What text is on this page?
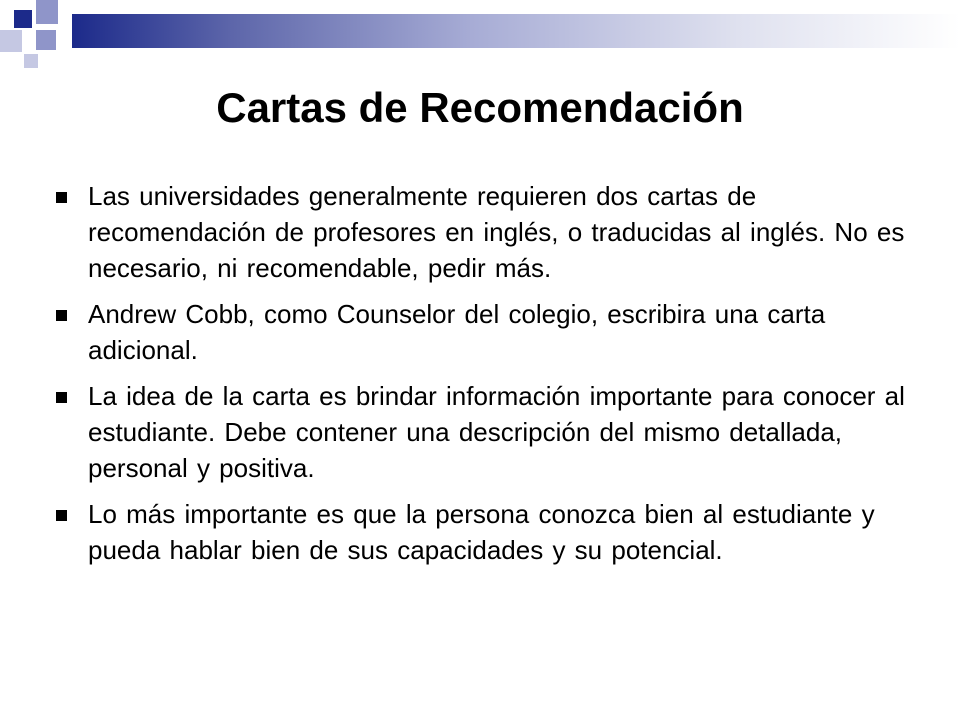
Cartas de Recomendación
Las universidades generalmente requieren dos cartas de recomendación de profesores en inglés, o traducidas al inglés. No es necesario, ni recomendable, pedir más.
Andrew Cobb, como Counselor del colegio, escribira una carta adicional.
La idea de la carta es brindar información importante para conocer al estudiante. Debe contener una descripción del mismo detallada, personal y positiva.
Lo más importante es que la persona conozca bien al estudiante y pueda hablar bien de sus capacidades y su potencial.
